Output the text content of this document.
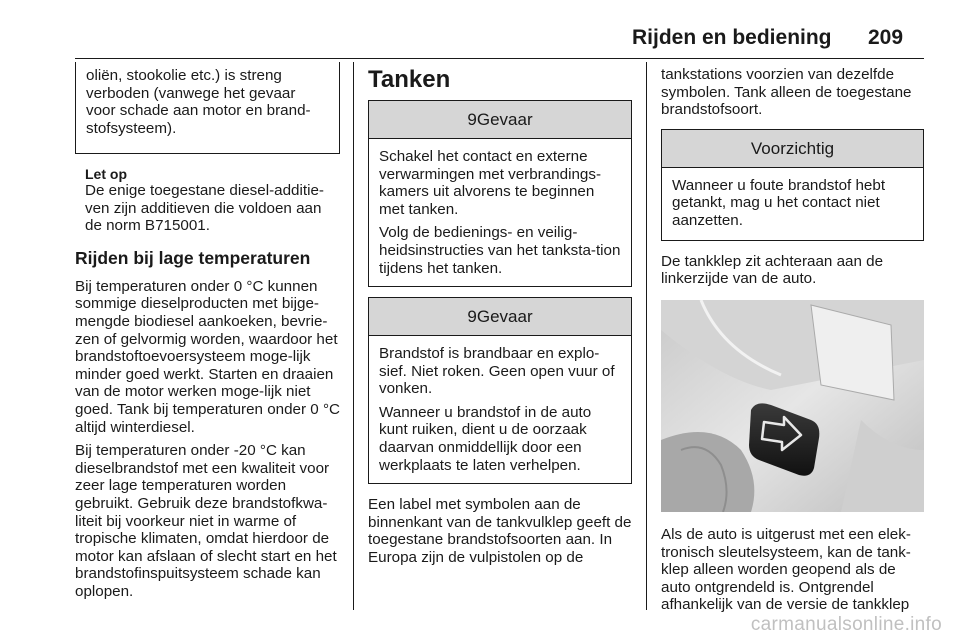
Rijden en bediening 209

oliën, stookolie etc.) is streng verboden (vanwege het gevaar voor schade aan motor en brand‐stofsysteem).

Let op

De enige toegestane diesel-additie‐ven zijn additieven die voldoen aan de norm B715001.

Rijden bij lage temperaturen

Bij temperaturen onder 0 °C kunnen sommige dieselproducten met bijge‐mengde biodiesel aankoeken, bevrie‐zen of gelvormig worden, waardoor het brandstoftoevoersysteem moge‐lijk minder goed werkt. Starten en draaien van de motor werken moge‐lijk niet goed. Tank bij temperaturen onder 0 °C altijd winterdiesel.

Bij temperaturen onder -20 °C kan dieselbrandstof met een kwaliteit voor zeer lage temperaturen worden gebruikt. Gebruik deze brandstofkwa‐liteit bij voorkeur niet in warme of tropische klimaten, omdat hierdoor de motor kan afslaan of slecht start en het brandstofinspuitsysteem schade kan oplopen.

Tanken
9Gevaar

Schakel het contact en externe verwarmingen met verbrandings‐kamers uit alvorens te beginnen met tanken.

Volg de bedienings- en veilig‐heidsinstructies van het tanksta‐tion tijdens het tanken.

9Gevaar

Brandstof is brandbaar en explo‐sief. Niet roken. Geen open vuur of vonken.

Wanneer u brandstof in de auto kunt ruiken, dient u de oorzaak daarvan onmiddellijk door een werkplaats te laten verhelpen.

Een label met symbolen aan de binnenkant van de tankvulklep geeft de toegestane brandstofsoorten aan. In Europa zijn de vulpistolen op de

tankstations voorzien van dezelfde symbolen. Tank alleen de toegestane brandstofsoort.

Voorzichtig

Wanneer u foute brandstof hebt getankt, mag u het contact niet aanzetten.

De tankklep zit achteraan aan de linkerzijde van de auto.

Als de auto is uitgerust met een elek‐tronisch sleutelsysteem, kan de tank‐klep alleen worden geopend als de auto ontgrendeld is. Ontgrendel afhankelijk van de versie de tankklep

carmanualsonline.info
